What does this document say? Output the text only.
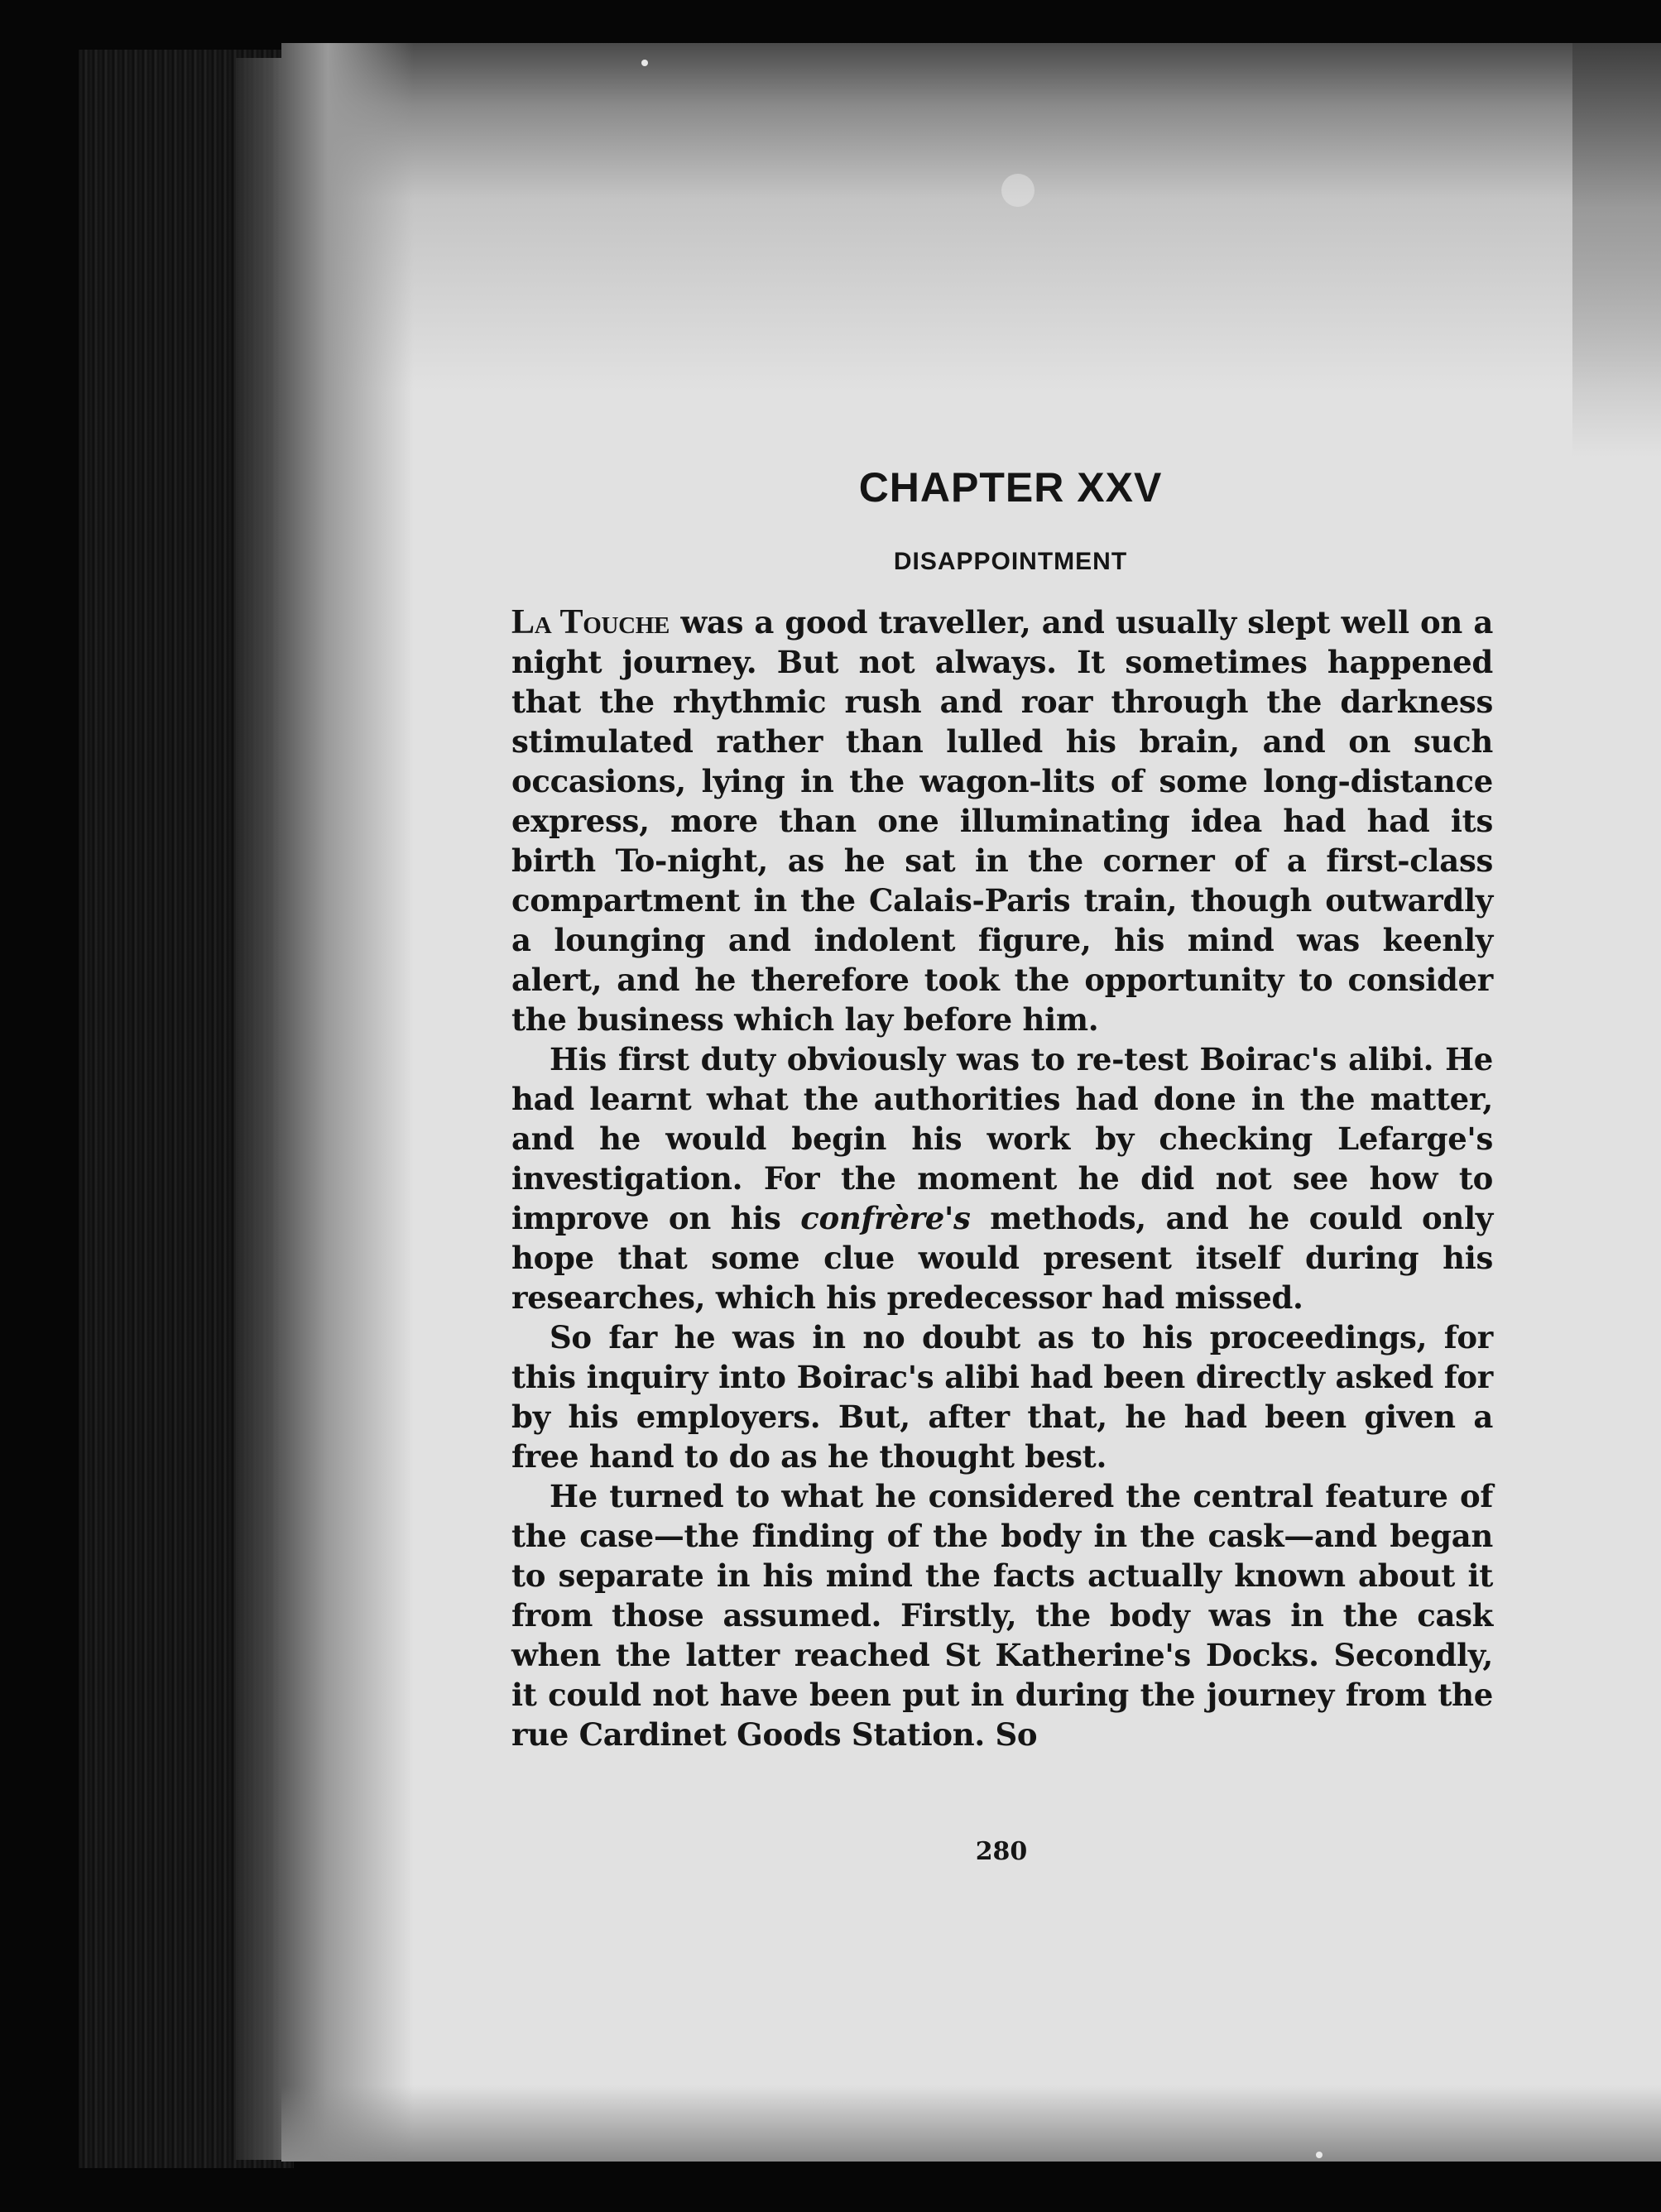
CHAPTER XXV
DISAPPOINTMENT

La Touche was a good traveller, and usually slept well on a night journey. But not always. It sometimes happened that the rhythmic rush and roar through the darkness stimulated rather than lulled his brain, and on such occasions, lying in the wagon-lits of some long-distance express, more than one illuminating idea had had its birth To-night, as he sat in the corner of a first-class compartment in the Calais-Paris train, though outwardly a lounging and indolent figure, his mind was keenly alert, and he therefore took the opportunity to consider the business which lay before him.

His first duty obviously was to re-test Boirac's alibi. He had learnt what the authorities had done in the matter, and he would begin his work by checking Lefarge's investigation. For the moment he did not see how to improve on his confrère's methods, and he could only hope that some clue would present itself during his researches, which his predecessor had missed.

So far he was in no doubt as to his proceedings, for this inquiry into Boirac's alibi had been directly asked for by his employers. But, after that, he had been given a free hand to do as he thought best.

He turned to what he considered the central feature of the case—the finding of the body in the cask—and began to separate in his mind the facts actually known about it from those assumed. Firstly, the body was in the cask when the latter reached St Katherine's Docks. Secondly, it could not have been put in during the journey from the rue Cardinet Goods Station. So

280
